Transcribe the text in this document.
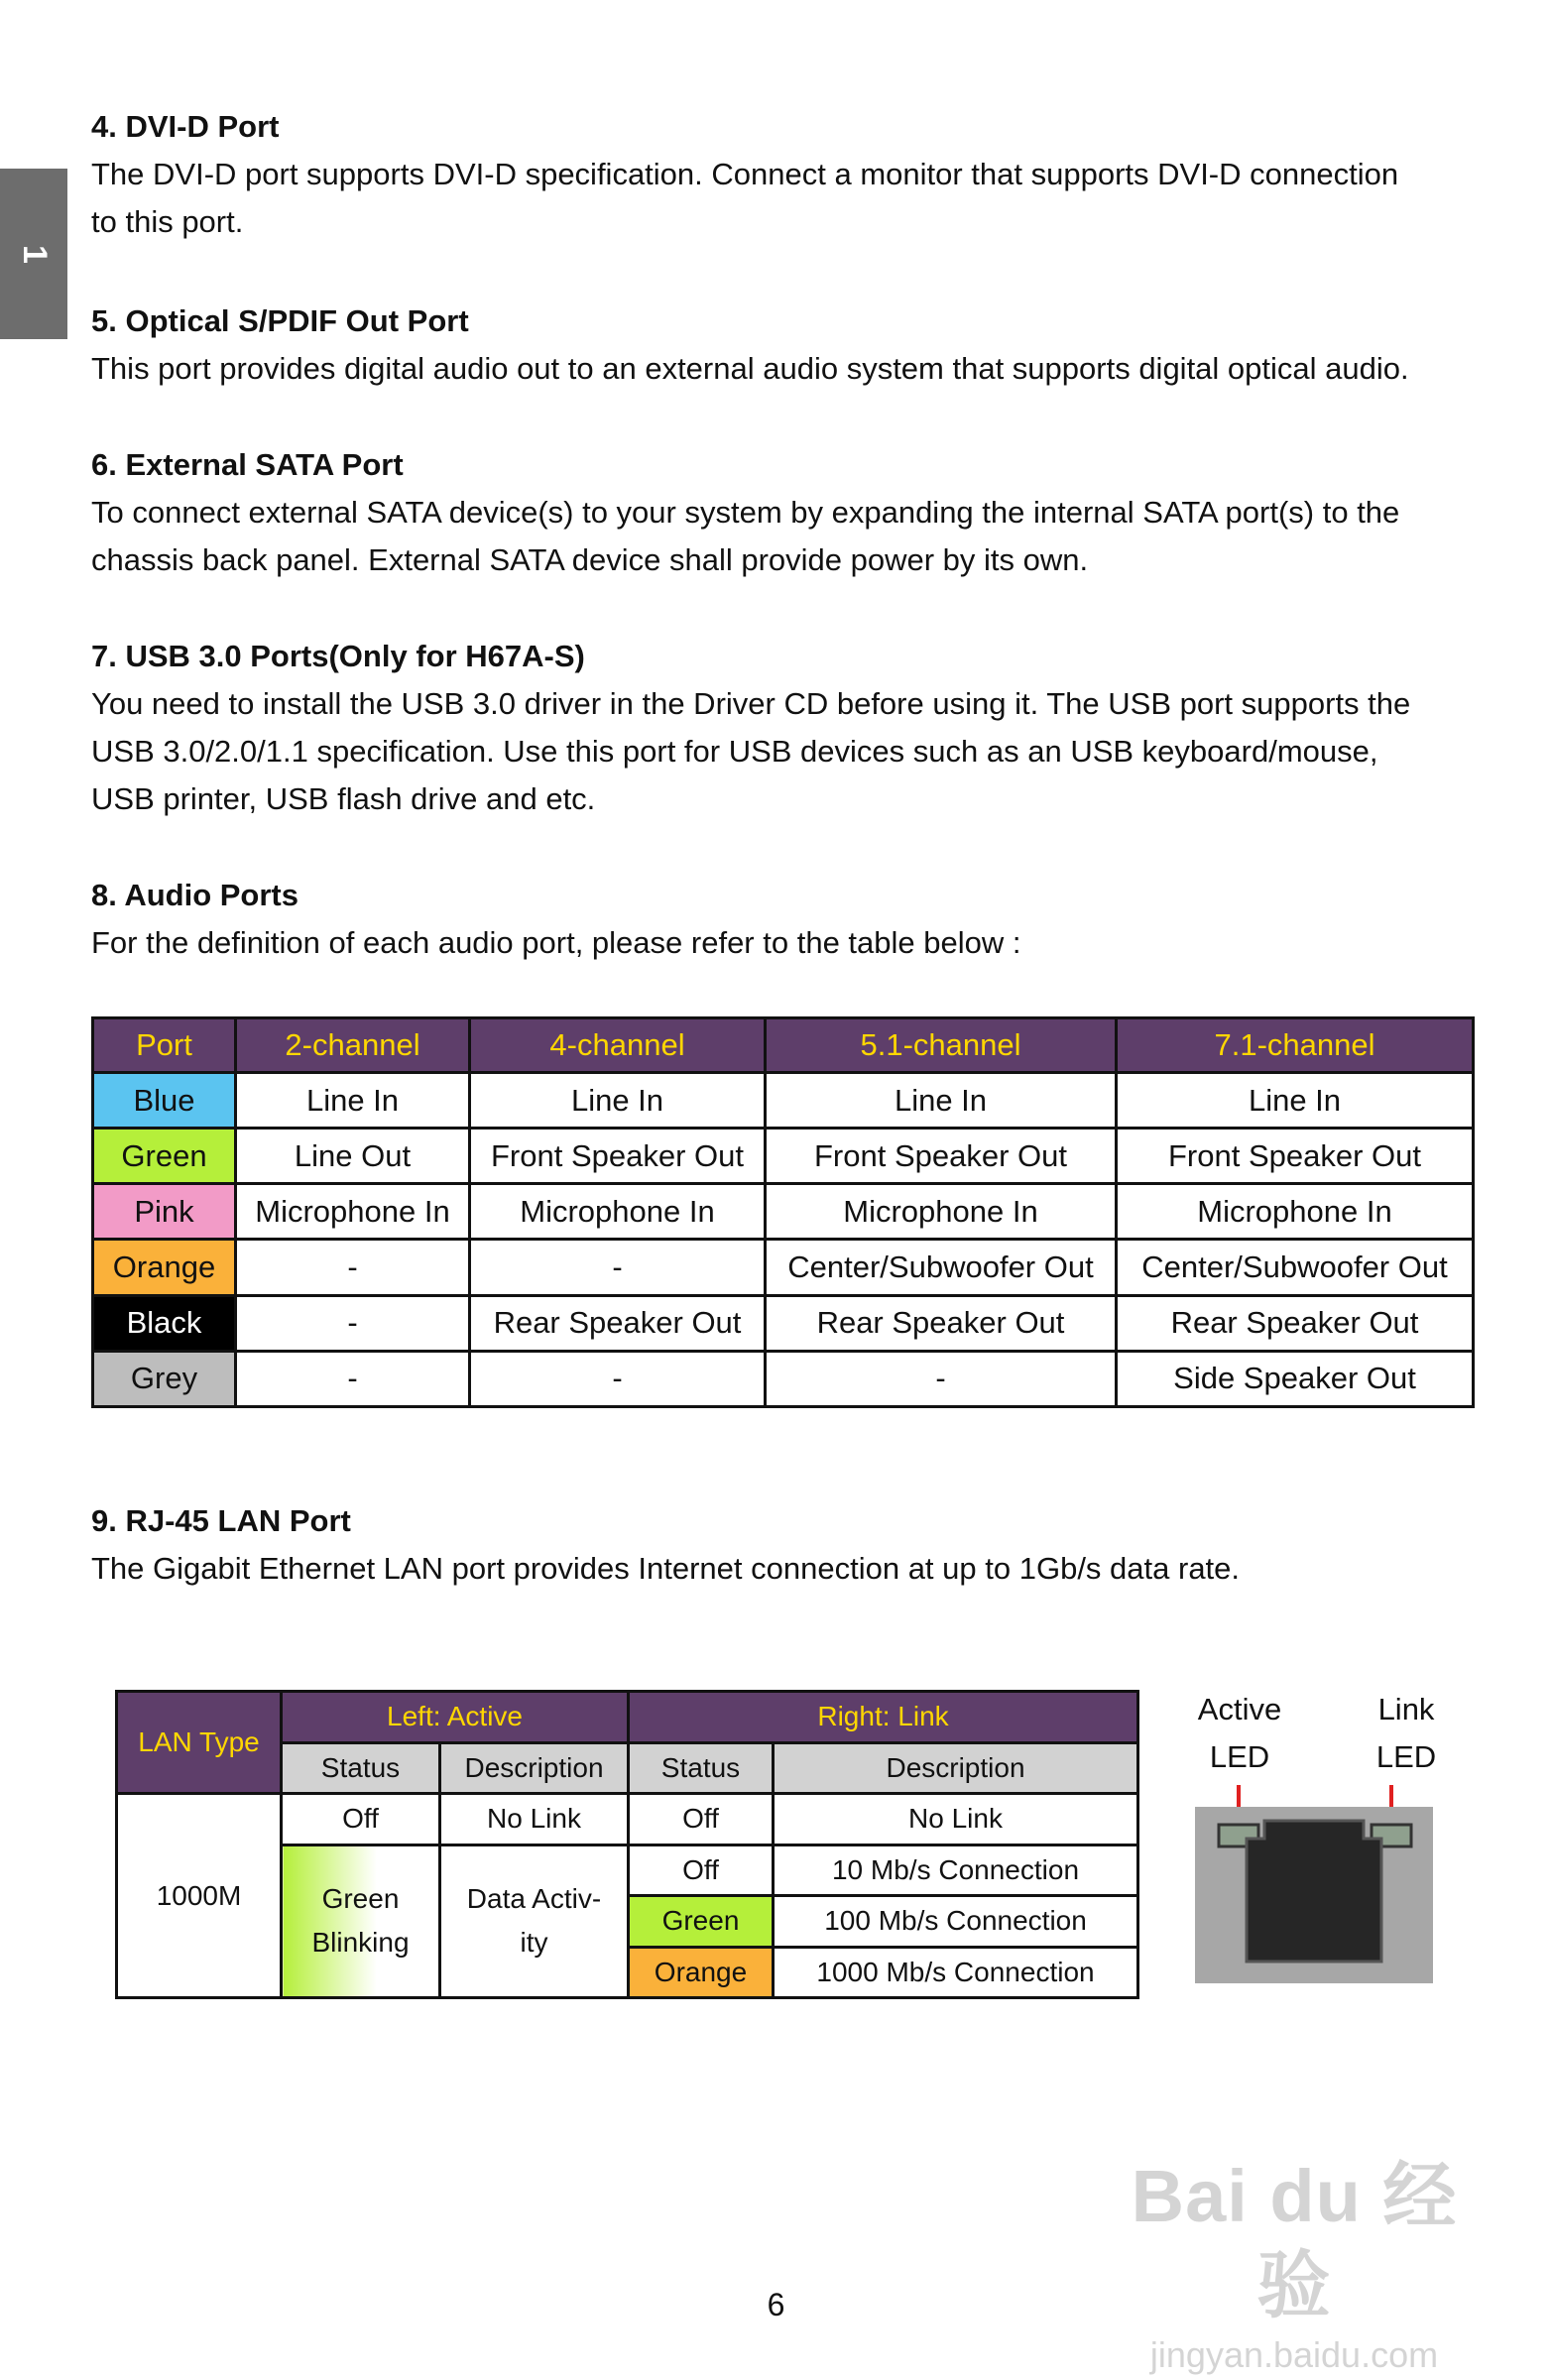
1

4. DVI-D Port

The DVI-D port supports DVI-D specification. Connect a monitor that supports DVI-D connection

to this port.

5. Optical S/PDIF Out Port

This port provides digital audio out to an external audio system that supports digital optical audio.

6. External SATA Port

To connect external SATA device(s) to your system by expanding the internal SATA port(s) to the

chassis back panel. External SATA device shall provide power by its own.

7. USB 3.0 Ports(Only for H67A-S)

You need to install the USB 3.0 driver in the Driver CD before using it. The USB port supports the

USB 3.0/2.0/1.1 specification. Use this port for USB devices such as an USB keyboard/mouse,

USB printer, USB flash drive and etc.

8. Audio Ports

For the definition of each audio port, please refer to the table below :

Port	2-channel	4-channel	5.1-channel	7.1-channel
Blue	Line In	Line In	Line In	Line In
Green	Line Out	Front Speaker Out	Front Speaker Out	Front Speaker Out
Pink	Microphone In	Microphone In	Microphone In	Microphone In
Orange	-	-	Center/Subwoofer Out	Center/Subwoofer Out
Black	-	Rear Speaker Out	Rear Speaker Out	Rear Speaker Out
Grey	-	-	-	Side Speaker Out

9. RJ-45 LAN Port

The Gigabit Ethernet LAN port provides Internet connection at up to 1Gb/s data rate.

LAN Type	Left: Active		Right: Link	
	Status	Description	Status	Description
1000M	Off	No Link	Off	No Link
	Green Blinking	Data Activ-ity	Off	10 Mb/s Connection
			Green	100 Mb/s Connection
			Orange	1000 Mb/s Connection
Active
LED
Link
LED
6
Bai du 经验
jingyan.baidu.com
